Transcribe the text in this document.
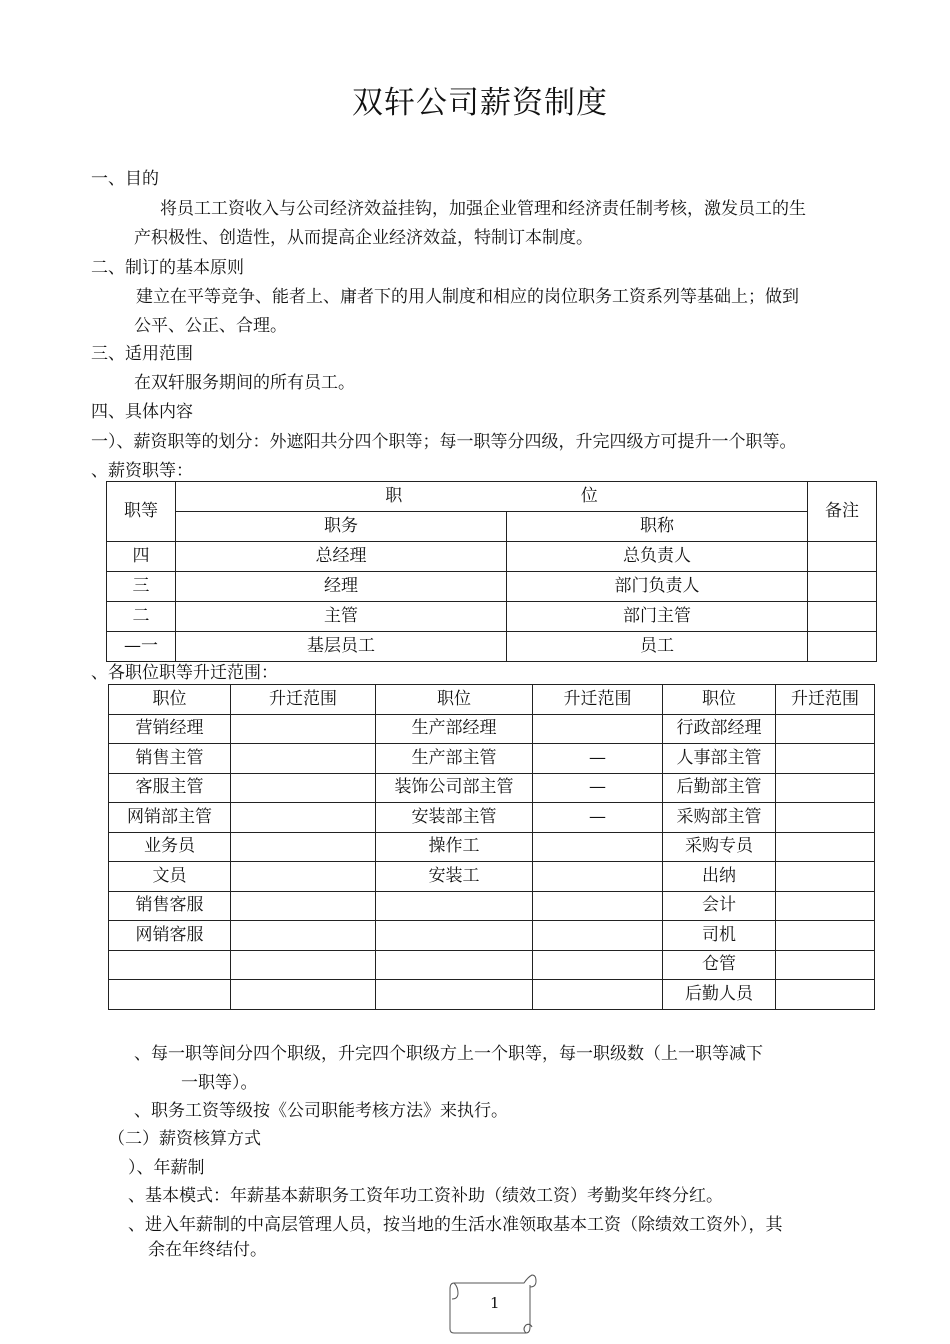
双轩公司薪资制度
一、目的
将员工工资收入与公司经济效益挂钩，加强企业管理和经济责任制考核，激发员工的生
产积极性、创造性，从而提高企业经济效益，特制订本制度。
二、制订的基本原则
建立在平等竞争、能者上、庸者下的用人制度和相应的岗位职务工资系列等基础上；做到
公平、公正、合理。
三、适用范围
在双轩服务期间的所有员工。
四、具体内容
一）、薪资职等的划分：外遮阳共分四个职等；每一职等分四级，升完四级方可提升一个职等。
、薪资职等：
职等	职 位		备注
	职务	职称	
四	总经理	总负责人	
三	经理	部门负责人	
二	主管	部门主管	
—一	基层员工	员工	
、各职位职等升迁范围：
职位	升迁范围	职位	升迁范围	职位	升迁范围
营销经理		生产部经理		行政部经理	
销售主管		生产部主管	—	人事部主管	
客服主管		装饰公司部主管	—	后勤部主管	
网销部主管		安装部主管	—	采购部主管	
业务员		操作工		采购专员	
文员		安装工		出纳	
销售客服				会计	
网销客服				司机	
				仓管	
				后勤人员	
、每一职等间分四个职级，升完四个职级方上一个职等，每一职级数（上一职等减下
一职等）。
、职务工资等级按《公司职能考核方法》来执行。
（二）薪资核算方式
）、年薪制
、基本模式：年薪基本薪职务工资年功工资补助（绩效工资）考勤奖年终分红。
、进入年薪制的中高层管理人员，按当地的生活水准领取基本工资（除绩效工资外），其
余在年终结付。
1
